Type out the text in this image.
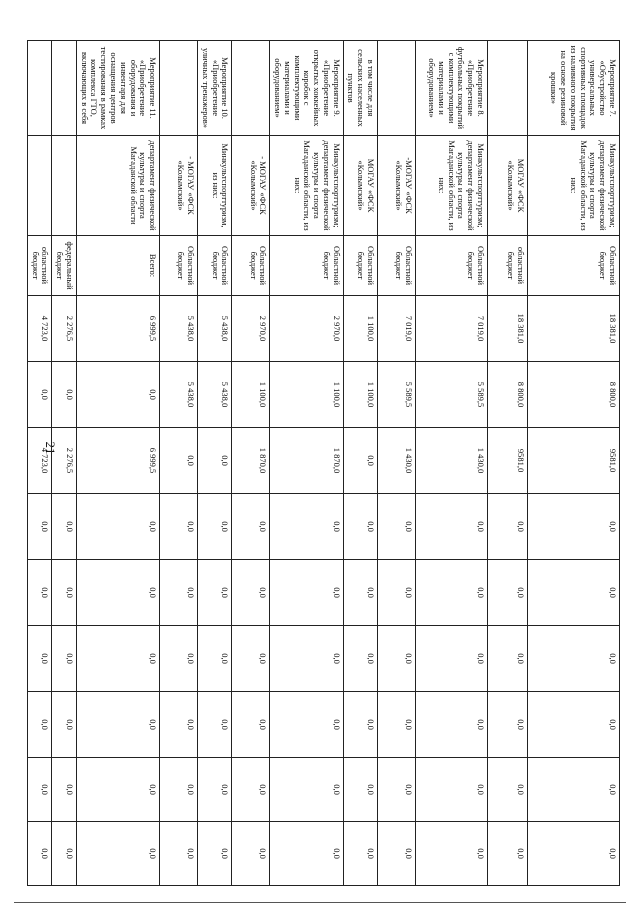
21
Мероприятие 7. «Обустройство универсальных спортивных площадок из наливного покрытия на основе резиновой крошки»	Минкультспорттуризм; департамент физической культуры и спорта Магаданской области, из них:	Областной бюджет	18 381,0	8 800,0	9581,0	0,0	0,0	0,0	0,0	0,0	0,0
	МОГАУ «ФСК «Колымский»	областной бюджет	18 381,0	8 800,0	9581,0	0,0	0,0	0,0	0,0	0,0	0,0
Мероприятие 8. «Приобретение футбольных покрытий с комплектующими материалами и оборудованием»	Минкультспорттуризм; департамент физической культуры и спорта Магаданской области, из них:	Областной бюджет	7 019,0	5 589,5	1 430,0	0,0	0,0	0,0	0,0	0,0	0,0
	-МОГАУ «ФСК «Колымский»	Областной бюджет	7 019,0	5 589,5	1 430,0	0,0	0,0	0,0	0,0	0,0	0,0
в том числе для сельских населенных пунктов	МОГАУ «ФСК «Колымский»	Областной бюджет	1 100,0	1 100,0	0,0	0,0	0,0	0,0	0,0	0,0	0,0
Мероприятие 9. «Приобретение открытых хоккейных коробок с комплектующими материалами и оборудованием»	Минкультспорттуризм; департамент физической культуры и спорта Магаданской области, из них:	Областной бюджет	2 970,0	1 100,0	1 870,0	0,0	0,0	0,0	0,0	0,0	0,0
	- МОГАУ «ФСК «Колымский»	Областной бюджет	2 970,0	1 100,0	1 870,0	0,0	0,0	0,0	0,0	0,0	0,0
Мероприятие 10. «Приобретение уличных тренажеров»	Минкультспорттуризм, из них:	Областной бюджет	5 438,0	5 438,0	0,0	0,0	0,0	0,0	0,0	0,0	0,0
	- МОГАУ «ФСК «Колымский»	Областной бюджет	5 438,0	5 438,0	0,0	0,0	0,0	0,0	0,0	0,0	0,0
Мероприятие 11. «Приобретение оборудования и инвентаря для оснащения центров тестирования в рамках комплекса ГТО, включающих в себя	департамент физической культуры и спорта Магаданской области	Всего:	6 999,5	0,0	6 999,5	0,0	0,0	0,0	0,0	0,0	0,0
		федеральный бюджет	2 276,5	0,0	2 276,5	0,0	0,0	0,0	0,0	0,0	0,0
		областной бюджет	4 723,0	0,0	4 723,0	0,0	0,0	0,0	0,0	0,0	0,0
